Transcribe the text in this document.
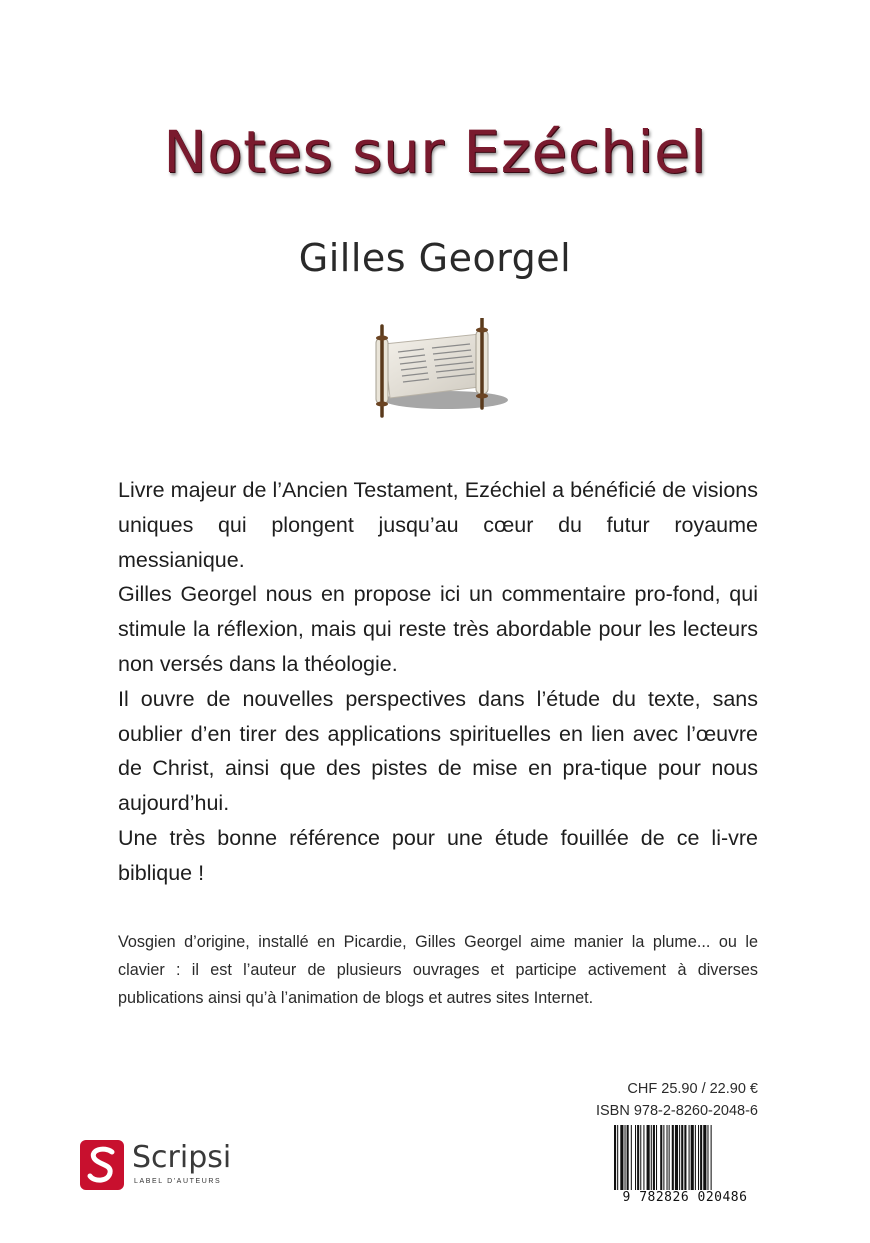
Notes sur Ezéchiel
Gilles Georgel

Livre majeur de l’Ancien Testament, Ezéchiel a bénéficié de visions uniques qui plongent jusqu’au cœur du futur royaume messianique.

Gilles Georgel nous en propose ici un commentaire pro-fond, qui stimule la réflexion, mais qui reste très abordable pour les lecteurs non versés dans la théologie.

Il ouvre de nouvelles perspectives dans l’étude du texte, sans oublier d’en tirer des applications spirituelles en lien avec l’œuvre de Christ, ainsi que des pistes de mise en pra-tique pour nous aujourd’hui.

Une très bonne référence pour une étude fouillée de ce li-vre biblique !

Vosgien d’origine, installé en Picardie, Gilles Georgel aime manier la plume... ou le clavier : il est l’auteur de plusieurs ouvrages et participe activement à diverses publications ainsi qu’à l’animation de blogs et autres sites Internet.
Scripsi
LABEL D'AUTEURS
CHF 25.90 / 22.90 €
ISBN 978-2-8260-2048-6
9 782826 020486
